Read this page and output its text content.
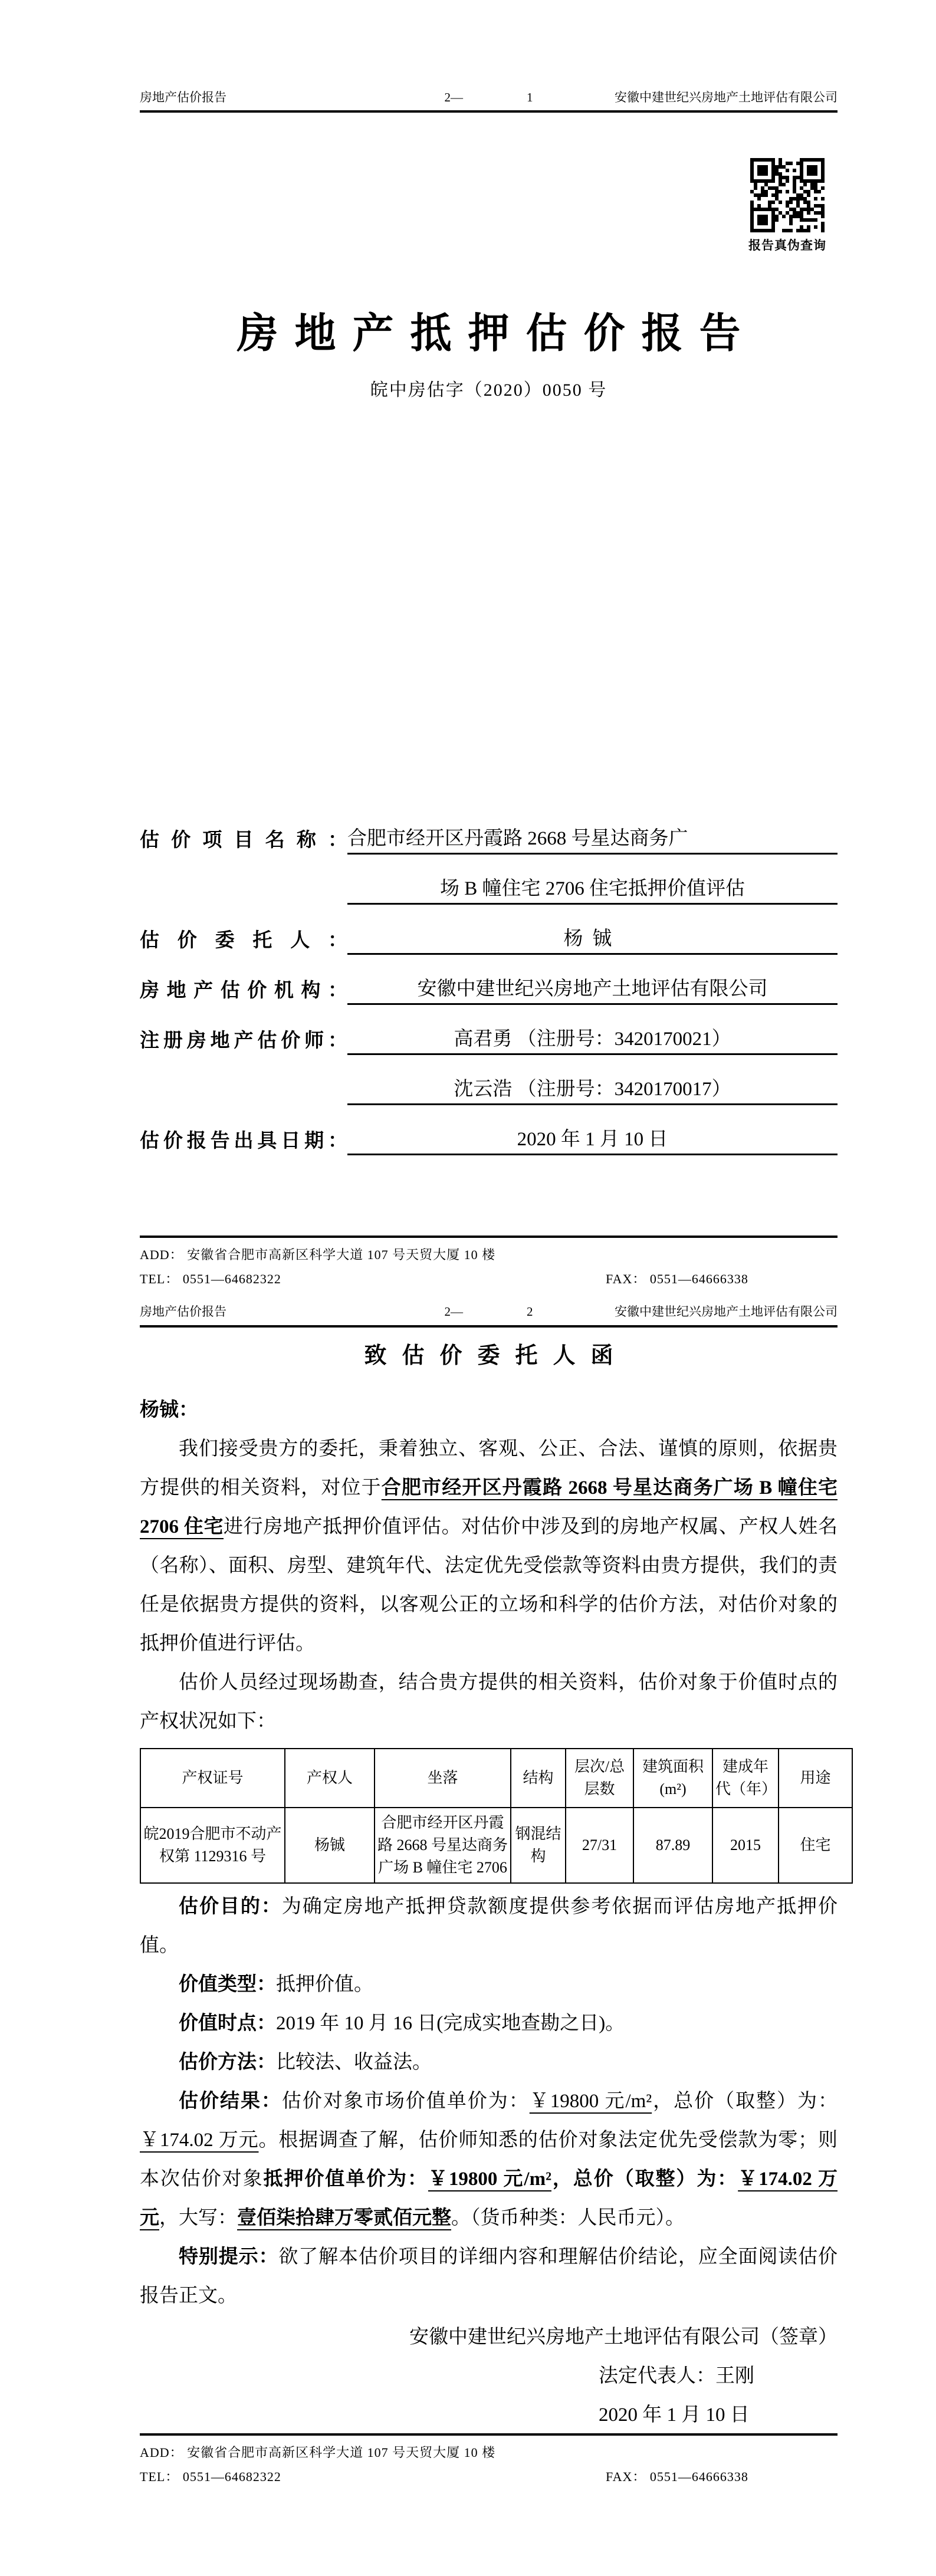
房地产估价报告	2—	1	安徽中建世纪兴房地产土地评估有限公司
报告真伪查询
房地产抵押估价报告
皖中房估字（2020）0050 号
估价项目名称： 合肥市经开区丹霞路 2668 号星达商务广
场 B 幢住宅 2706 住宅抵押价值评估
估价委托人：	杨铖
房地产估价机构：	安徽中建世纪兴房地产土地评估有限公司
注册房地产估价师：	高君勇 （注册号：3420170021）
沈云浩 （注册号：3420170017）
估价报告出具日期：	2020 年 1 月 10 日
ADD： 安徽省合肥市高新区科学大道 107 号天贸大厦 10 楼
TEL： 0551—64682322	FAX： 0551—64666338
房地产估价报告	2—	2	安徽中建世纪兴房地产土地评估有限公司
致估价委托人函
杨铖：

我们接受贵方的委托，秉着独立、客观、公正、合法、谨慎的原则，依据贵方提供的相关资料，对位于合肥市经开区丹霞路 2668 号星达商务广场 B 幢住宅 2706 住宅进行房地产抵押价值评估。对估价中涉及到的房地产权属、产权人姓名（名称）、面积、房型、建筑年代、法定优先受偿款等资料由贵方提供，我们的责任是依据贵方提供的资料，以客观公正的立场和科学的估价方法，对估价对象的抵押价值进行评估。

估价人员经过现场勘查，结合贵方提供的相关资料，估价对象于价值时点的产权状况如下：

产权证号	产权人	坐落	结构	层次/总层数	建筑面积(m²)	建成年代（年）	用途
皖2019合肥市不动产权第 1129316 号	杨铖	合肥市经开区丹霞路 2668 号星达商务广场 B 幢住宅 2706	钢混结构	27/31	87.89	2015	住宅

估价目的：为确定房地产抵押贷款额度提供参考依据而评估房地产抵押价值。

价值类型：抵押价值。

价值时点：2019 年 10 月 16 日(完成实地查勘之日)。

估价方法：比较法、收益法。

估价结果：估价对象市场价值单价为：￥19800 元/m²，总价（取整）为：￥174.02 万元。根据调查了解，估价师知悉的估价对象法定优先受偿款为零；则本次估价对象抵押价值单价为：￥19800 元/m²，总价（取整）为：￥174.02 万元，大写：壹佰柒拾肆万零贰佰元整。（货币种类：人民币元）。

特别提示：欲了解本估价项目的详细内容和理解估价结论，应全面阅读估价报告正文。

安徽中建世纪兴房地产土地评估有限公司（签章）
法定代表人：王刚
2020 年 1 月 10 日
ADD： 安徽省合肥市高新区科学大道 107 号天贸大厦 10 楼
TEL： 0551—64682322	FAX： 0551—64666338
